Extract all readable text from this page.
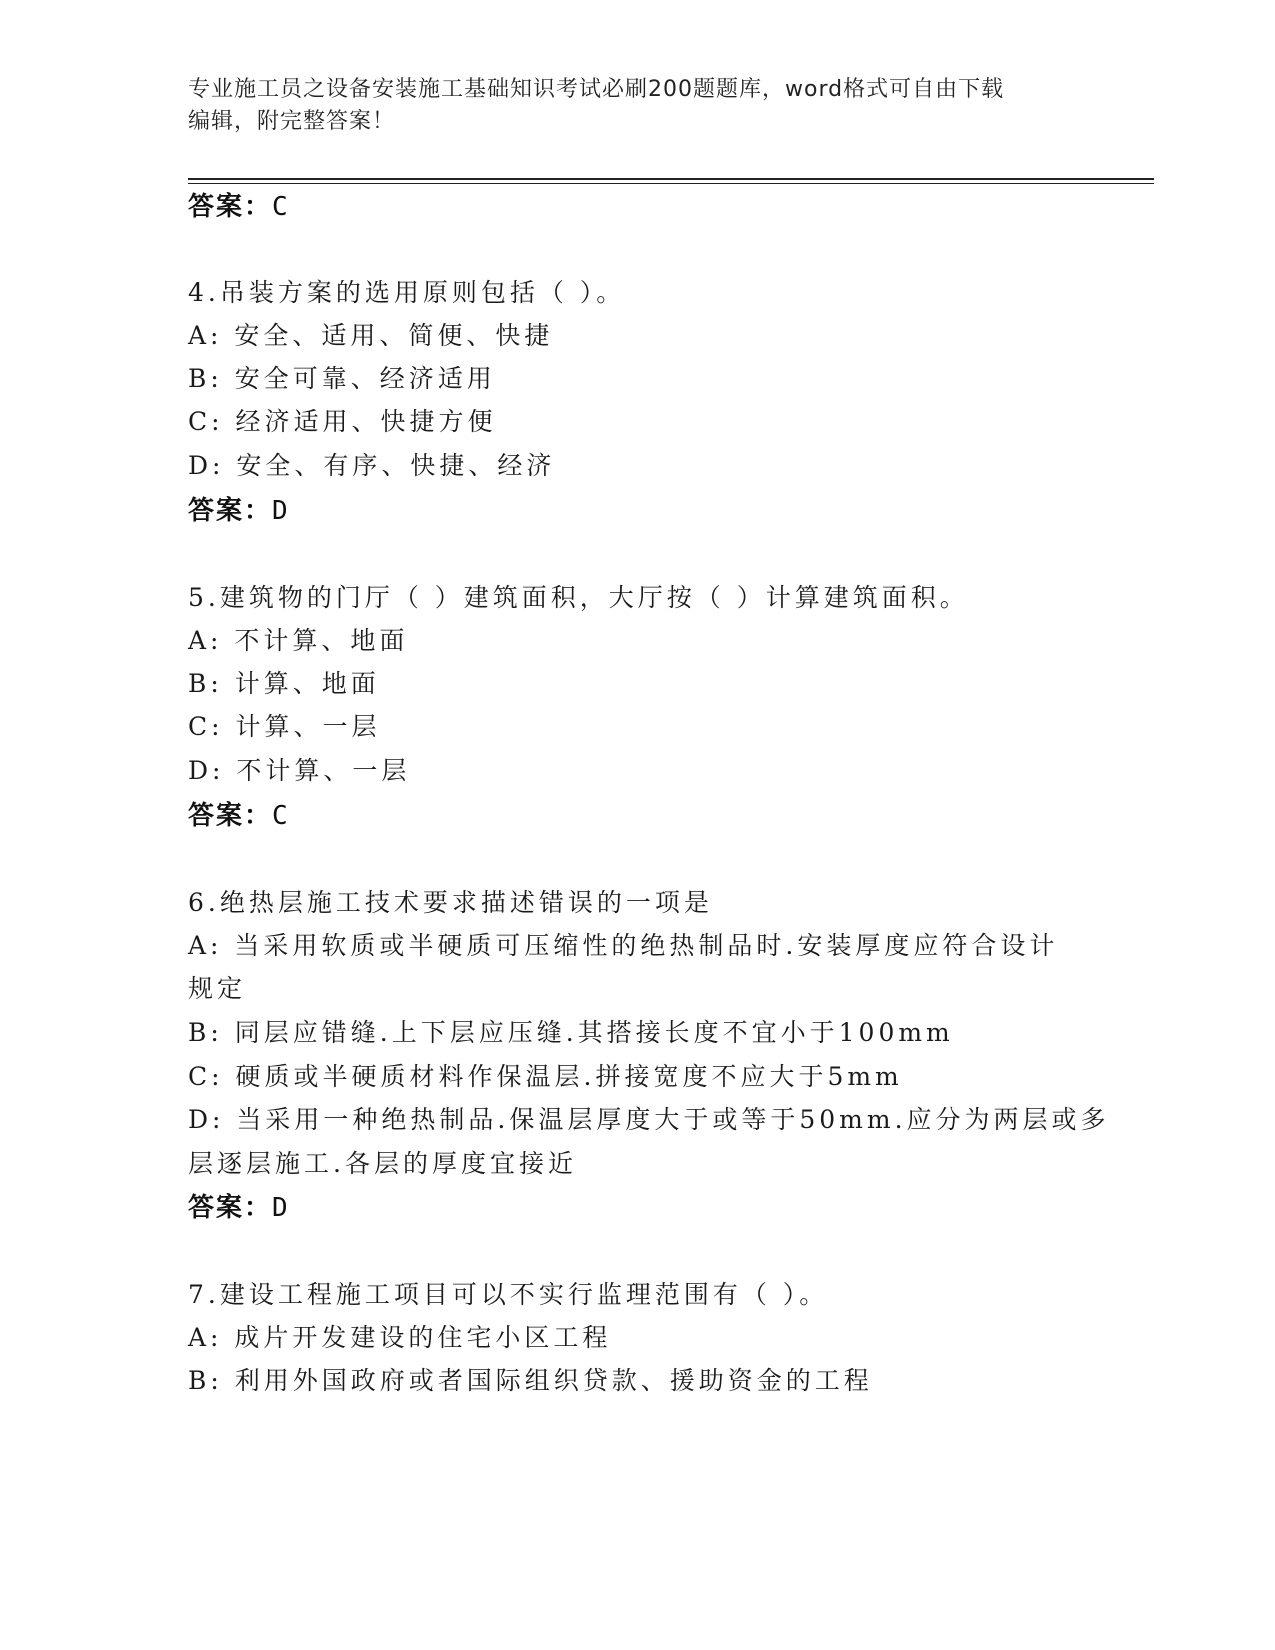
专业施工员之设备安装施工基础知识考试必刷200题题库，word格式可自由下载
编辑，附完整答案！
答案：C
4.吊装方案的选用原则包括（ ）。
A: 安全、适用、简便、快捷
B: 安全可靠、经济适用
C: 经济适用、快捷方便
D: 安全、有序、快捷、经济
答案：D
5.建筑物的门厅（ ）建筑面积，大厅按（ ）计算建筑面积。
A: 不计算、地面
B: 计算、地面
C: 计算、一层
D: 不计算、一层
答案：C
6.绝热层施工技术要求描述错误的一项是
A: 当采用软质或半硬质可压缩性的绝热制品时.安装厚度应符合设计
规定
B: 同层应错缝.上下层应压缝.其搭接长度不宜小于100mm
C: 硬质或半硬质材料作保温层.拼接宽度不应大于5mm
D: 当采用一种绝热制品.保温层厚度大于或等于50mm.应分为两层或多
层逐层施工.各层的厚度宜接近
答案：D
7.建设工程施工项目可以不实行监理范围有（ ）。
A: 成片开发建设的住宅小区工程
B: 利用外国政府或者国际组织贷款、援助资金的工程
